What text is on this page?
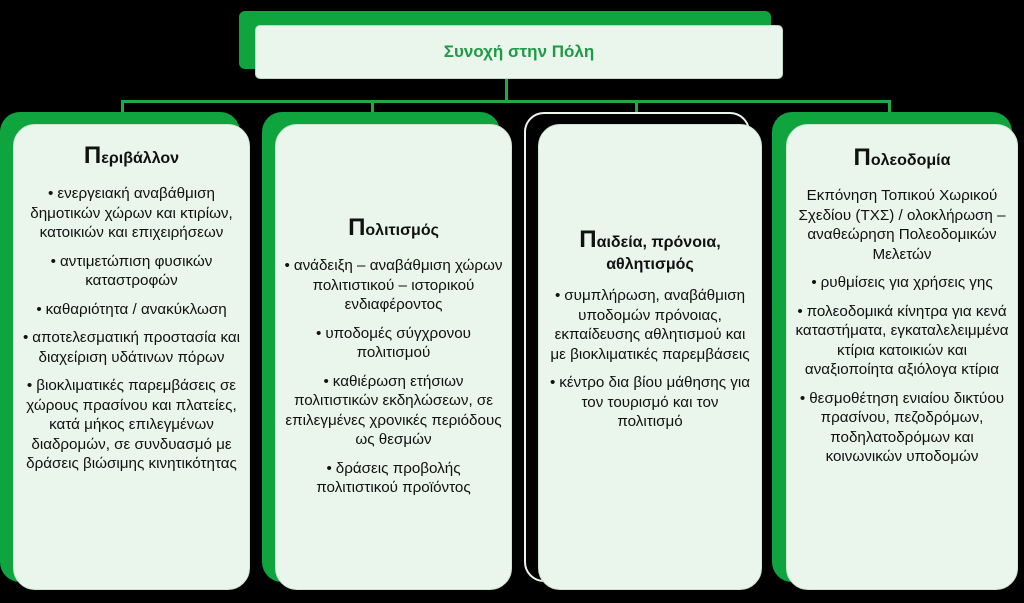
Συνοχή στην Πόλη
Περιβάλλον
• ενεργειακή αναβάθμιση δημοτικών χώρων και κτιρίων, κατοικιών και επιχειρήσεων
• αντιμετώπιση φυσικών καταστροφών
• καθαριότητα / ανακύκλωση
• αποτελεσματική προστασία και διαχείριση υδάτινων πόρων
• βιοκλιματικές παρεμβάσεις σε χώρους πρασίνου και πλατείες, κατά μήκος επιλεγμένων διαδρομών, σε συνδυασμό με δράσεις βιώσιμης κινητικότητας
Πολιτισμός
• ανάδειξη – αναβάθμιση χώρων πολιτιστικού – ιστορικού ενδιαφέροντος
• υποδομές σύγχρονου πολιτισμού
• καθιέρωση ετήσιων πολιτιστικών εκδηλώσεων, σε επιλεγμένες χρονικές περιόδους ως θεσμών
• δράσεις προβολής πολιτιστικού προϊόντος
Παιδεία, πρόνοια, αθλητισμός
• συμπλήρωση, αναβάθμιση υποδομών πρόνοιας, εκπαίδευσης αθλητισμού και με βιοκλιματικές παρεμβάσεις
• κέντρο δια βίου μάθησης για τον τουρισμό και τον πολιτισμό
Πολεοδομία
Εκπόνηση Τοπικού Χωρικού Σχεδίου (ΤΧΣ) / ολοκλήρωση – αναθεώρηση Πολεοδομικών Μελετών
• ρυθμίσεις για χρήσεις γης
• πολεοδομικά κίνητρα για κενά καταστήματα, εγκαταλελειμμένα κτίρια κατοικιών και αναξιοποίητα αξιόλογα κτίρια
• θεσμοθέτηση ενιαίου δικτύου πρασίνου, πεζοδρόμων, ποδηλατοδρόμων και κοινωνικών υποδομών
